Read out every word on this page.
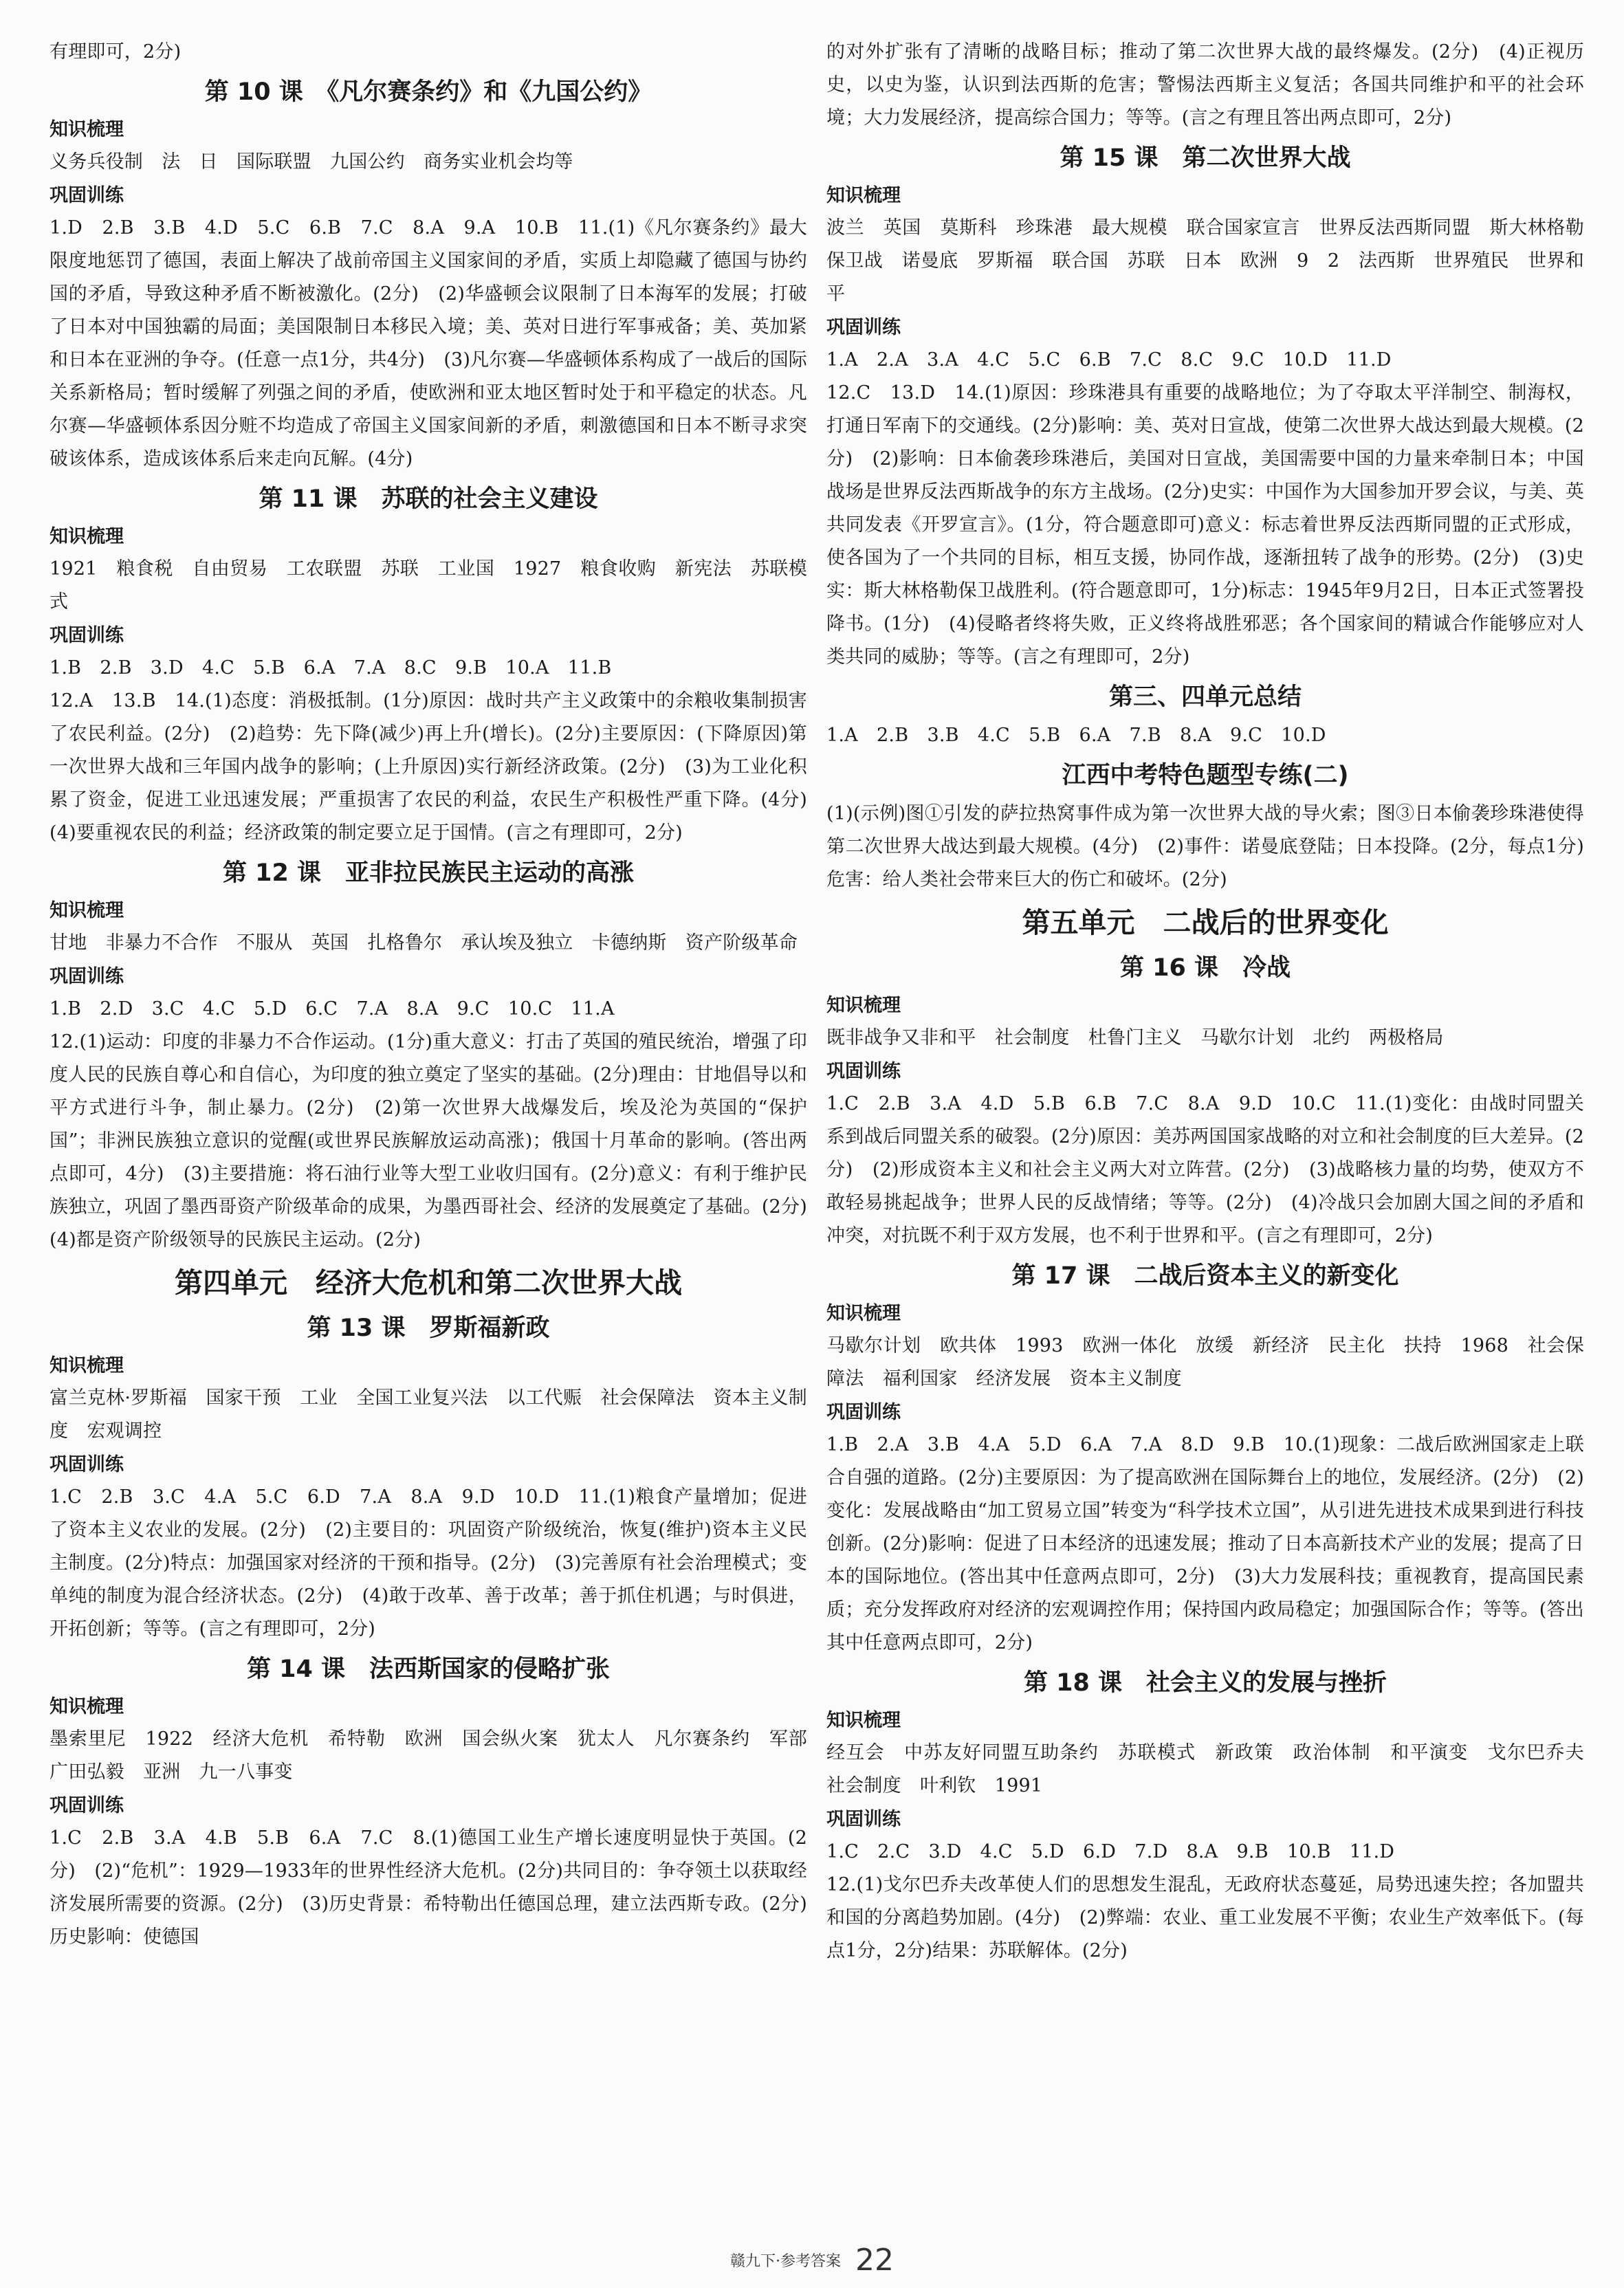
有理即可，2分)

第 10 课　《凡尔赛条约》和《九国公约》
知识梳理

义务兵役制　法　日　国际联盟　九国公约　商务实业机会均等

巩固训练

1.D　2.B　3.B　4.D　5.C　6.B　7.C　8.A　9.A　10.B　11.(1)《凡尔赛条约》最大限度地惩罚了德国，表面上解决了战前帝国主义国家间的矛盾，实质上却隐藏了德国与协约国的矛盾，导致这种矛盾不断被激化。(2分)　(2)华盛顿会议限制了日本海军的发展；打破了日本对中国独霸的局面；美国限制日本移民入境；美、英对日进行军事戒备；美、英加紧和日本在亚洲的争夺。(任意一点1分，共4分)　(3)凡尔赛—华盛顿体系构成了一战后的国际关系新格局；暂时缓解了列强之间的矛盾，使欧洲和亚太地区暂时处于和平稳定的状态。凡尔赛—华盛顿体系因分赃不均造成了帝国主义国家间新的矛盾，刺激德国和日本不断寻求突破该体系，造成该体系后来走向瓦解。(4分)

第 11 课　苏联的社会主义建设
知识梳理

1921　粮食税　自由贸易　工农联盟　苏联　工业国　1927　粮食收购　新宪法　苏联模式

巩固训练

1.B　2.B　3.D　4.C　5.B　6.A　7.A　8.C　9.B　10.A　11.B

12.A　13.B　14.(1)态度：消极抵制。(1分)原因：战时共产主义政策中的余粮收集制损害了农民利益。(2分)　(2)趋势：先下降(减少)再上升(增长)。(2分)主要原因：(下降原因)第一次世界大战和三年国内战争的影响；(上升原因)实行新经济政策。(2分)　(3)为工业化积累了资金，促进工业迅速发展；严重损害了农民的利益，农民生产积极性严重下降。(4分)　(4)要重视农民的利益；经济政策的制定要立足于国情。(言之有理即可，2分)

第 12 课　亚非拉民族民主运动的高涨
知识梳理

甘地　非暴力不合作　不服从　英国　扎格鲁尔　承认埃及独立　卡德纳斯　资产阶级革命

巩固训练

1.B　2.D　3.C　4.C　5.D　6.C　7.A　8.A　9.C　10.C　11.A

12.(1)运动：印度的非暴力不合作运动。(1分)重大意义：打击了英国的殖民统治，增强了印度人民的民族自尊心和自信心，为印度的独立奠定了坚实的基础。(2分)理由：甘地倡导以和平方式进行斗争，制止暴力。(2分)　(2)第一次世界大战爆发后，埃及沦为英国的“保护国”；非洲民族独立意识的觉醒(或世界民族解放运动高涨)；俄国十月革命的影响。(答出两点即可，4分)　(3)主要措施：将石油行业等大型工业收归国有。(2分)意义：有利于维护民族独立，巩固了墨西哥资产阶级革命的成果，为墨西哥社会、经济的发展奠定了基础。(2分)　(4)都是资产阶级领导的民族民主运动。(2分)

第四单元　经济大危机和第二次世界大战
第 13 课　罗斯福新政
知识梳理

富兰克林·罗斯福　国家干预　工业　全国工业复兴法　以工代赈　社会保障法　资本主义制度　宏观调控

巩固训练

1.C　2.B　3.C　4.A　5.C　6.D　7.A　8.A　9.D　10.D　11.(1)粮食产量增加；促进了资本主义农业的发展。(2分)　(2)主要目的：巩固资产阶级统治，恢复(维护)资本主义民主制度。(2分)特点：加强国家对经济的干预和指导。(2分)　(3)完善原有社会治理模式；变单纯的制度为混合经济状态。(2分)　(4)敢于改革、善于改革；善于抓住机遇；与时俱进，开拓创新；等等。(言之有理即可，2分)

第 14 课　法西斯国家的侵略扩张
知识梳理

墨索里尼　1922　经济大危机　希特勒　欧洲　国会纵火案　犹太人　凡尔赛条约　军部　广田弘毅　亚洲　九一八事变

巩固训练

1.C　2.B　3.A　4.B　5.B　6.A　7.C　8.(1)德国工业生产增长速度明显快于英国。(2分)　(2)“危机”：1929—1933年的世界性经济大危机。(2分)共同目的：争夺领土以获取经济发展所需要的资源。(2分)　(3)历史背景：希特勒出任德国总理，建立法西斯专政。(2分)历史影响：使德国

的对外扩张有了清晰的战略目标；推动了第二次世界大战的最终爆发。(2分)　(4)正视历史，以史为鉴，认识到法西斯的危害；警惕法西斯主义复活；各国共同维护和平的社会环境；大力发展经济，提高综合国力；等等。(言之有理且答出两点即可，2分)

第 15 课　第二次世界大战
知识梳理

波兰　英国　莫斯科　珍珠港　最大规模　联合国家宣言　世界反法西斯同盟　斯大林格勒保卫战　诺曼底　罗斯福　联合国　苏联　日本　欧洲　9　2　法西斯　世界殖民　世界和平

巩固训练

1.A　2.A　3.A　4.C　5.C　6.B　7.C　8.C　9.C　10.D　11.D

12.C　13.D　14.(1)原因：珍珠港具有重要的战略地位；为了夺取太平洋制空、制海权，打通日军南下的交通线。(2分)影响：美、英对日宣战，使第二次世界大战达到最大规模。(2分)　(2)影响：日本偷袭珍珠港后，美国对日宣战，美国需要中国的力量来牵制日本；中国战场是世界反法西斯战争的东方主战场。(2分)史实：中国作为大国参加开罗会议，与美、英共同发表《开罗宣言》。(1分，符合题意即可)意义：标志着世界反法西斯同盟的正式形成，使各国为了一个共同的目标，相互支援，协同作战，逐渐扭转了战争的形势。(2分)　(3)史实：斯大林格勒保卫战胜利。(符合题意即可，1分)标志：1945年9月2日，日本正式签署投降书。(1分)　(4)侵略者终将失败，正义终将战胜邪恶；各个国家间的精诚合作能够应对人类共同的威胁；等等。(言之有理即可，2分)

第三、四单元总结

1.A　2.B　3.B　4.C　5.B　6.A　7.B　8.A　9.C　10.D

江西中考特色题型专练(二)

(1)(示例)图①引发的萨拉热窝事件成为第一次世界大战的导火索；图③日本偷袭珍珠港使得第二次世界大战达到最大规模。(4分)　(2)事件：诺曼底登陆；日本投降。(2分，每点1分)危害：给人类社会带来巨大的伤亡和破坏。(2分)

第五单元　二战后的世界变化
第 16 课　冷战
知识梳理

既非战争又非和平　社会制度　杜鲁门主义　马歇尔计划　北约　两极格局

巩固训练

1.C　2.B　3.A　4.D　5.B　6.B　7.C　8.A　9.D　10.C　11.(1)变化：由战时同盟关系到战后同盟关系的破裂。(2分)原因：美苏两国国家战略的对立和社会制度的巨大差异。(2分)　(2)形成资本主义和社会主义两大对立阵营。(2分)　(3)战略核力量的均势，使双方不敢轻易挑起战争；世界人民的反战情绪；等等。(2分)　(4)冷战只会加剧大国之间的矛盾和冲突，对抗既不利于双方发展，也不利于世界和平。(言之有理即可，2分)

第 17 课　二战后资本主义的新变化
知识梳理

马歇尔计划　欧共体　1993　欧洲一体化　放缓　新经济　民主化　扶持　1968　社会保障法　福利国家　经济发展　资本主义制度

巩固训练

1.B　2.A　3.B　4.A　5.D　6.A　7.A　8.D　9.B　10.(1)现象：二战后欧洲国家走上联合自强的道路。(2分)主要原因：为了提高欧洲在国际舞台上的地位，发展经济。(2分)　(2)变化：发展战略由“加工贸易立国”转变为“科学技术立国”，从引进先进技术成果到进行科技创新。(2分)影响：促进了日本经济的迅速发展；推动了日本高新技术产业的发展；提高了日本的国际地位。(答出其中任意两点即可，2分)　(3)大力发展科技；重视教育，提高国民素质；充分发挥政府对经济的宏观调控作用；保持国内政局稳定；加强国际合作；等等。(答出其中任意两点即可，2分)

第 18 课　社会主义的发展与挫折
知识梳理

经互会　中苏友好同盟互助条约　苏联模式　新政策　政治体制　和平演变　戈尔巴乔夫　社会制度　叶利钦　1991

巩固训练

1.C　2.C　3.D　4.C　5.D　6.D　7.D　8.A　9.B　10.B　11.D

12.(1)戈尔巴乔夫改革使人们的思想发生混乱，无政府状态蔓延，局势迅速失控；各加盟共和国的分离趋势加剧。(4分)　(2)弊端：农业、重工业发展不平衡；农业生产效率低下。(每点1分，2分)结果：苏联解体。(2分)

赣九下·参考答案 22
